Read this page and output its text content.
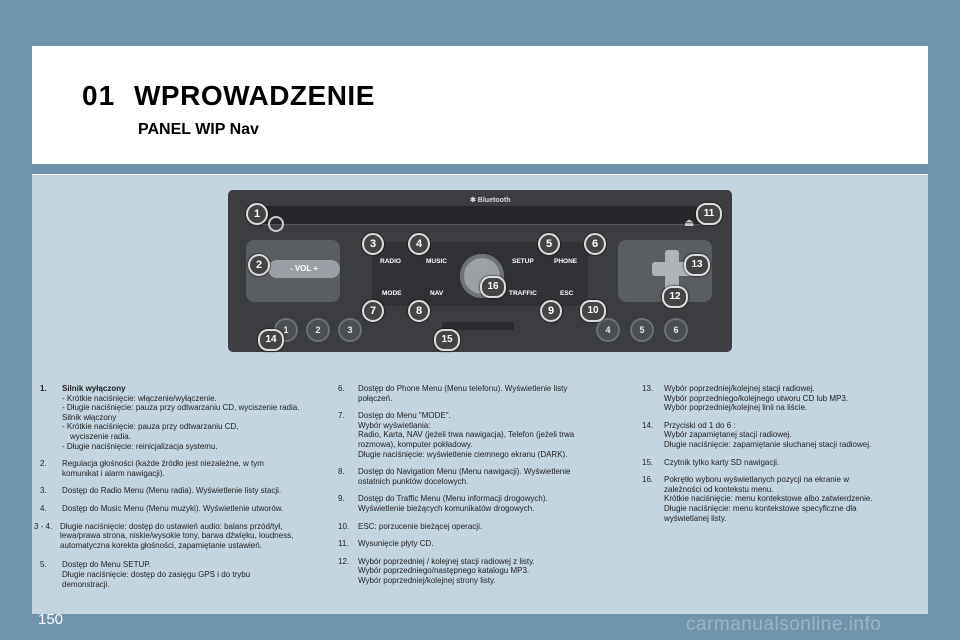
01 WPROWADZENIE
PANEL WIP Nav
✱ Bluetooth
⏏
- VOL +
RADIO	MUSIC	SETUP	PHONE
MODE	NAV	TRAFFIC	ESC
1	2	3	4	5	6
1
2
3	4	5	6
7	8	9	10
11
12
13
14	15
16
1.	Silnik wyłączony
- Krótkie naciśnięcie: włączenie/wyłączenie.
- Długie naciśnięcie: pauza przy odtwarzaniu CD, wyciszenie radia.
Silnik włączony
- Krótkie naciśnięcie: pauza przy odtwarzaniu CD,
wyciszenie radia.
- Długie naciśnięcie: reinicjalizacja systemu.
2.	Regulacja głośności (każde źródło jest niezależne, w tym
komunikat i alarm nawigacji).
3.	Dostęp do Radio Menu (Menu radia). Wyświetlenie listy stacji.
4.	Dostęp do Music Menu (Menu muzyki). Wyświetlenie utworów.
3 - 4. Długie naciśnięcie: dostęp do ustawień audio: balans przód/tył,
lewa/prawa strona, niskie/wysokie tony, barwa dźwięku, loudness,
automatyczna korekta głośności, zapamiętanie ustawień.
5.	Dostęp do Menu SETUP.
Długie naciśnięcie: dostęp do zasięgu GPS i do trybu
demonstracji.
6.	Dostęp do Phone Menu (Menu telefonu). Wyświetlenie listy
połączeń.
7.	Dostęp do Menu "MODE".
Wybór wyświetlania:
Radio, Karta, NAV (jeżeli trwa nawigacja), Telefon (jeżeli trwa
rozmowa), komputer pokładowy.
Długie naciśnięcie: wyświetlenie ciemnego ekranu (DARK).
8.	Dostęp do Navigation Menu (Menu nawigacji). Wyświetlenie
ostatnich punktów docelowych.
9.	Dostęp do Traffic Menu (Menu informacji drogowych).
Wyświetlenie bieżących komunikatów drogowych.
10.	ESC: porzucenie bieżącej operacji.
11.	Wysunięcie płyty CD.
12.	Wybór poprzedniej / kolejnej stacji radiowej z listy.
Wybór poprzedniego/następnego katalogu MP3.
Wybór poprzedniej/kolejnej strony listy.
13.	Wybór poprzedniej/kolejnej stacji radiowej.
Wybór poprzedniego/kolejnego utworu CD lub MP3.
Wybór poprzedniej/kolejnej linii na liście.
14.	Przyciski od 1 do 6 :
Wybór zapamiętanej stacji radiowej.
Długie naciśnięcie: zapamiętanie słuchanej stacji radiowej.
15.	Czytnik tylko karty SD nawigacji.
16.	Pokrętło wyboru wyświetlanych pozycji na ekranie w
zależności od kontekstu menu.
Krótkie naciśnięcie: menu kontekstowe albo zatwierdzenie.
Długie naciśnięcie: menu kontekstowe specyficzne dla
wyświetlanej listy.
150	carmanualsonline.info
